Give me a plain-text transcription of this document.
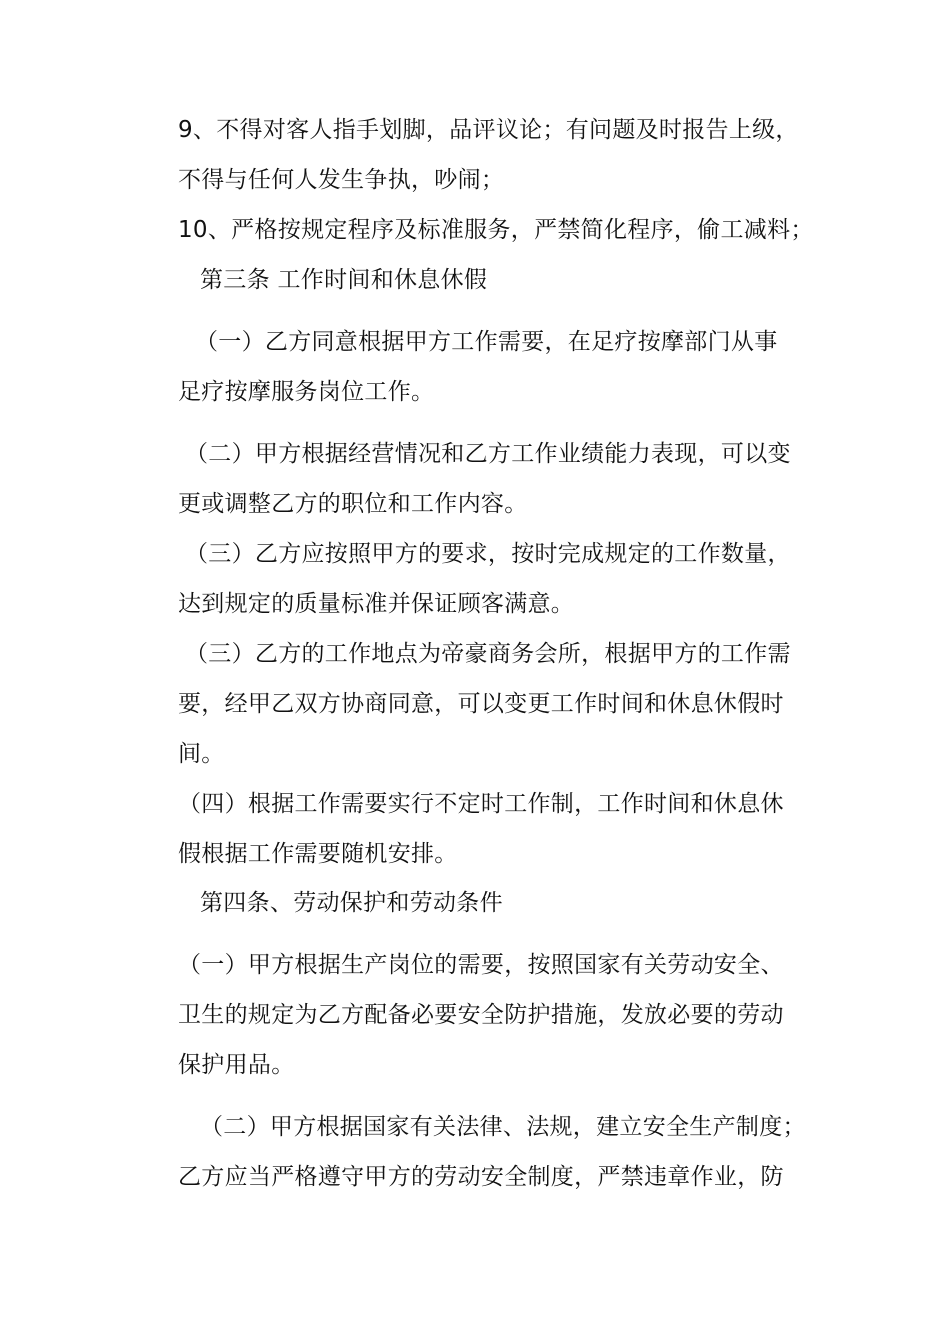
9、不得对客人指手划脚，品评议论；有问题及时报告上级，
不得与任何人发生争执，吵闹；
10、严格按规定程序及标准服务，严禁简化程序，偷工减料；
第三条 工作时间和休息休假
（一）乙方同意根据甲方工作需要，在足疗按摩部门从事
足疗按摩服务岗位工作。
（二）甲方根据经营情况和乙方工作业绩能力表现，可以变
更或调整乙方的职位和工作内容。
（三）乙方应按照甲方的要求，按时完成规定的工作数量，
达到规定的质量标准并保证顾客满意。
（三）乙方的工作地点为帝豪商务会所，根据甲方的工作需
要，经甲乙双方协商同意，可以变更工作时间和休息休假时
间。
（四）根据工作需要实行不定时工作制，工作时间和休息休
假根据工作需要随机安排。
第四条、劳动保护和劳动条件
（一）甲方根据生产岗位的需要，按照国家有关劳动安全、
卫生的规定为乙方配备必要安全防护措施，发放必要的劳动
保护用品。
（二）甲方根据国家有关法律、法规，建立安全生产制度；
乙方应当严格遵守甲方的劳动安全制度，严禁违章作业，防
